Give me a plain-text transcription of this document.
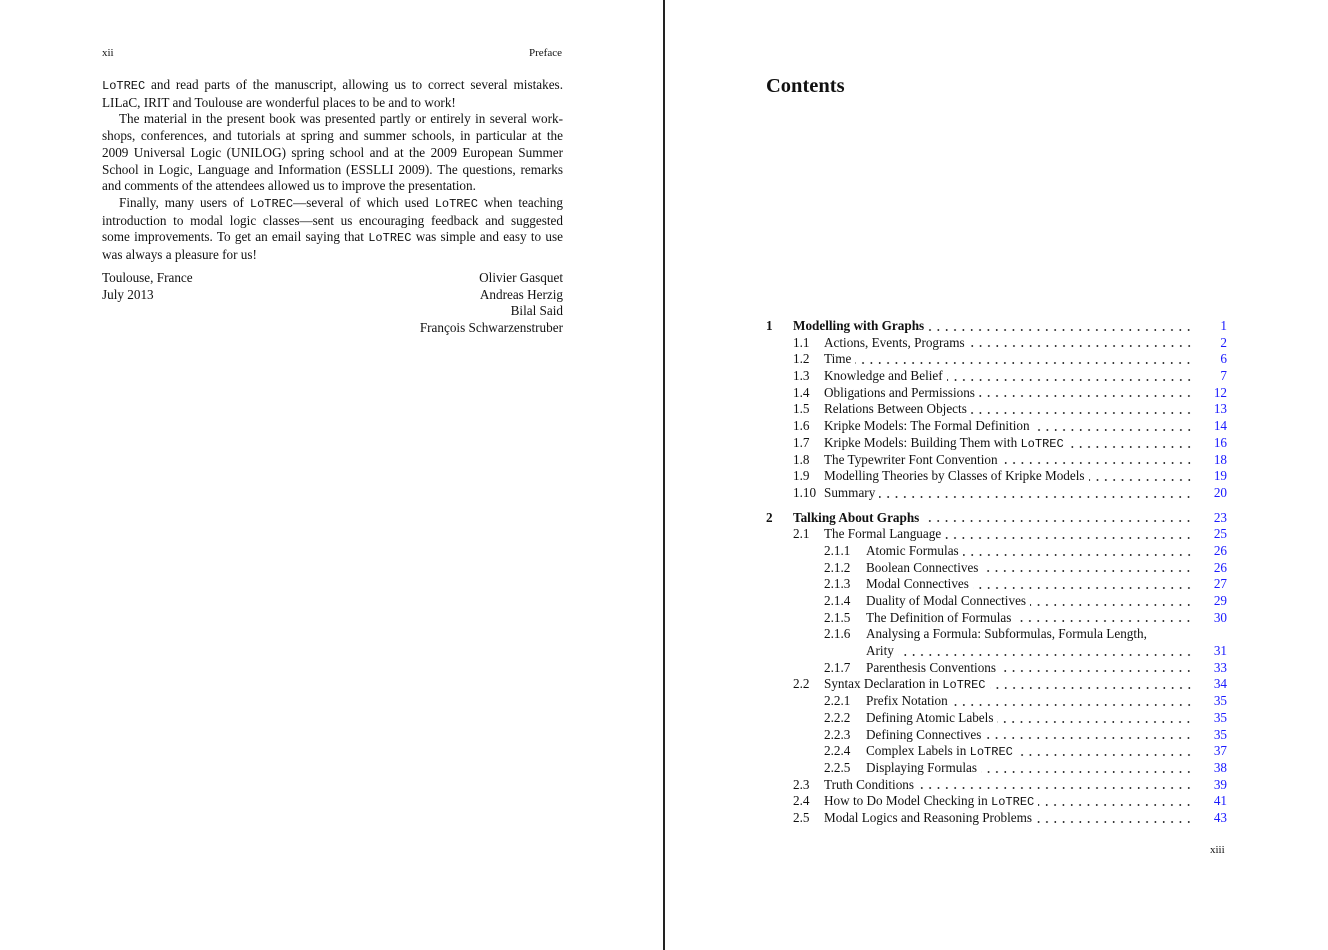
xii	Preface

LoTREC and read parts of the manuscript, allowing us to correct several mistakes. LILaC, IRIT and Toulouse are wonderful places to be and to work!

The material in the present book was presented partly or entirely in several work-shops, conferences, and tutorials at spring and summer schools, in particular at the 2009 Universal Logic (UNILOG) spring school and at the 2009 European Summer School in Logic, Language and Information (ESSLLI 2009). The questions, remarks and comments of the attendees allowed us to improve the presentation.

Finally, many users of LoTREC—several of which used LoTREC when teaching introduction to modal logic classes—sent us encouraging feedback and suggested some improvements. To get an email saying that LoTREC was simple and easy to use was always a pleasure for us!

Toulouse, France
July 2013
Olivier Gasquet
Andreas Herzig
Bilal Said
François Schwarzenstruber
Contents
1	Modelling with Graphs	1
1.1	Actions, Events, Programs	2
1.2	Time	6
1.3	Knowledge and Belief	7
1.4	Obligations and Permissions	12
1.5	Relations Between Objects	13
1.6	Kripke Models: The Formal Definition	14
1.7	Kripke Models: Building Them with LoTREC	16
1.8	The Typewriter Font Convention	18
1.9	Modelling Theories by Classes of Kripke Models	19
1.10 Summary	20
2	Talking About Graphs	23
2.1	The Formal Language	25
2.1.1	Atomic Formulas	26
2.1.2	Boolean Connectives	26
2.1.3	Modal Connectives	27
2.1.4	Duality of Modal Connectives	29
2.1.5	The Definition of Formulas	30
2.1.6	Analysing a Formula: Subformulas, Formula Length,
Arity	31
2.1.7	Parenthesis Conventions	33
2.2	Syntax Declaration in LoTREC	34
2.2.1	Prefix Notation	35
2.2.2	Defining Atomic Labels	35
2.2.3	Defining Connectives	35
2.2.4	Complex Labels in LoTREC	37
2.2.5	Displaying Formulas	38
2.3	Truth Conditions	39
2.4	How to Do Model Checking in LoTREC	41
2.5	Modal Logics and Reasoning Problems	43
xiii
